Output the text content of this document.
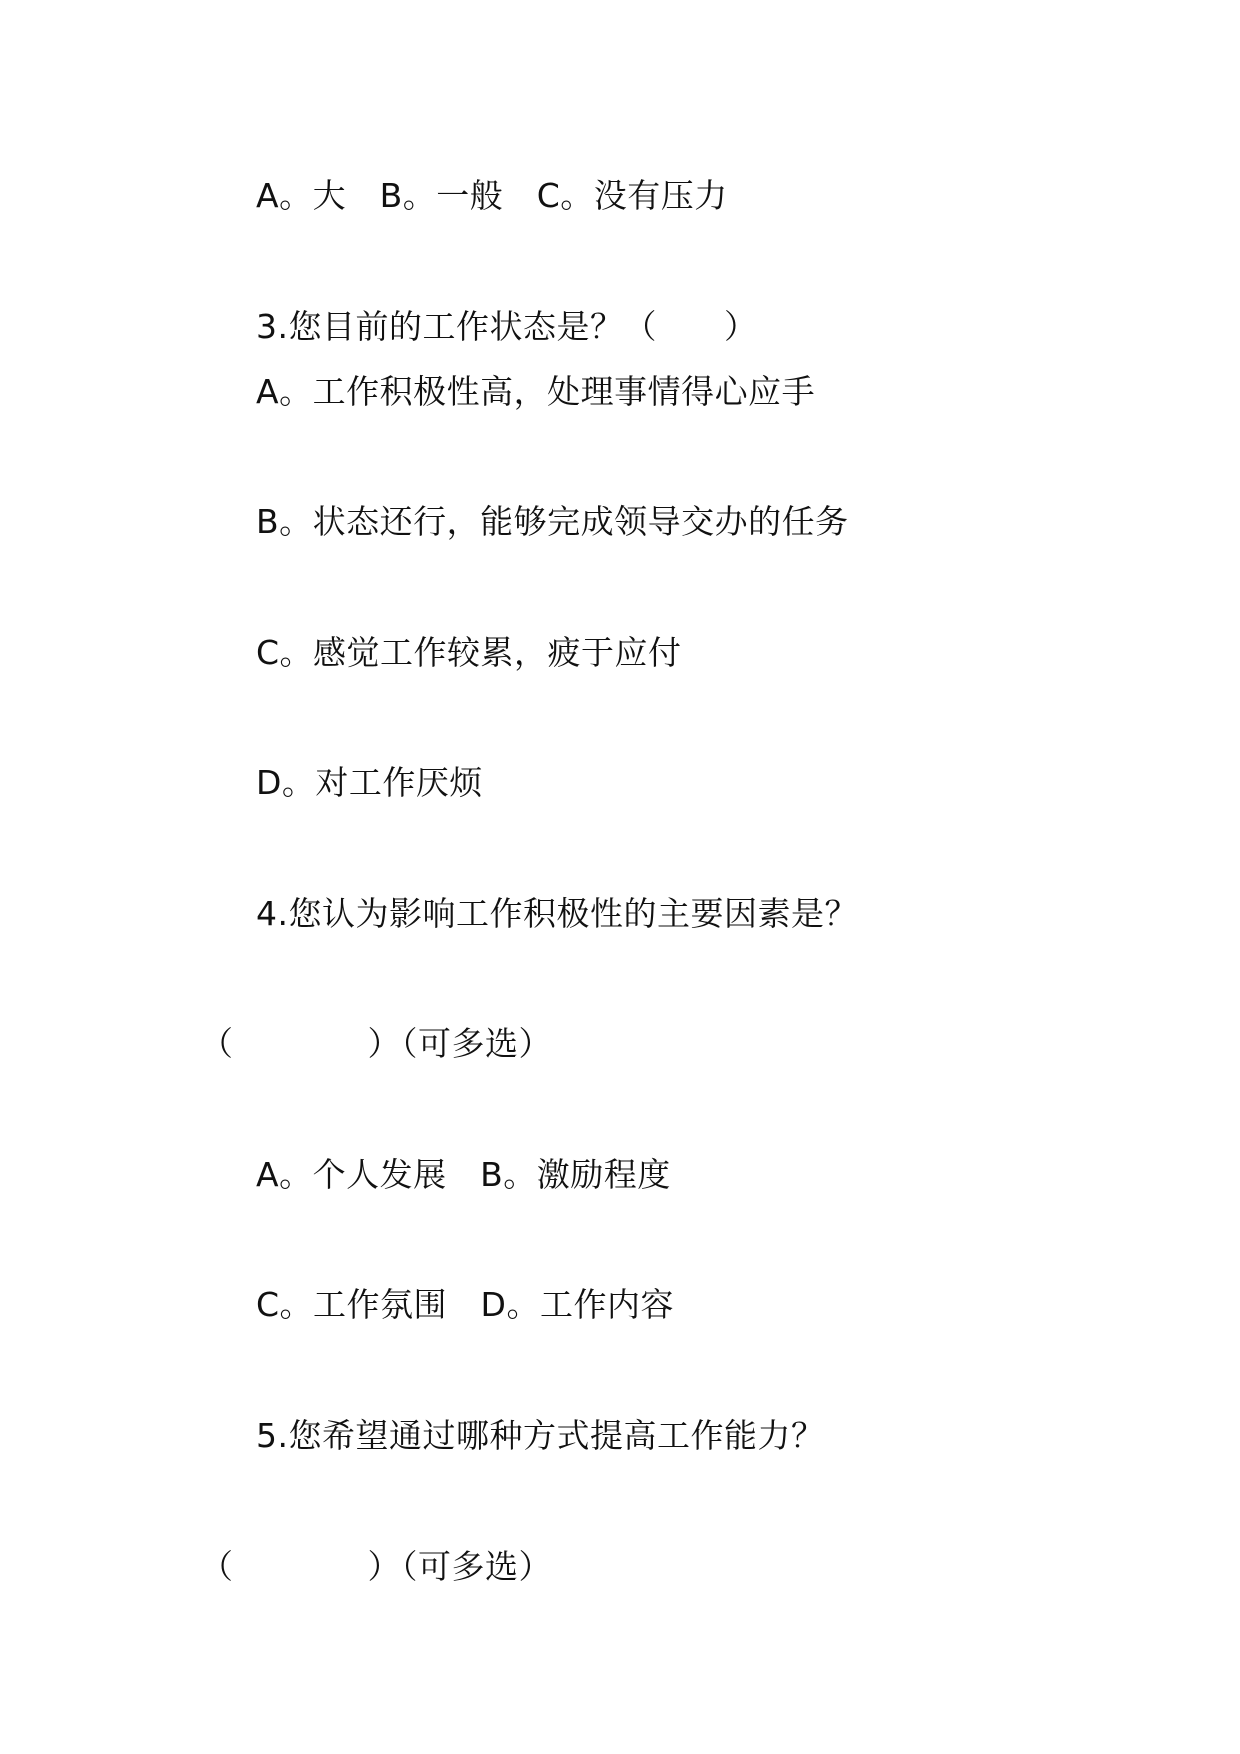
A。大　B。一般　C。没有压力
3.您目前的工作状态是？（　　）
A。工作积极性高，处理事情得心应手
B。状态还行，能够完成领导交办的任务
C。感觉工作较累，疲于应付
D。对工作厌烦
4.您认为影响工作积极性的主要因素是？
（　　　　）（可多选）
A。个人发展　B。激励程度
C。工作氛围　D。工作内容
5.您希望通过哪种方式提高工作能力？
（　　　　）（可多选）
